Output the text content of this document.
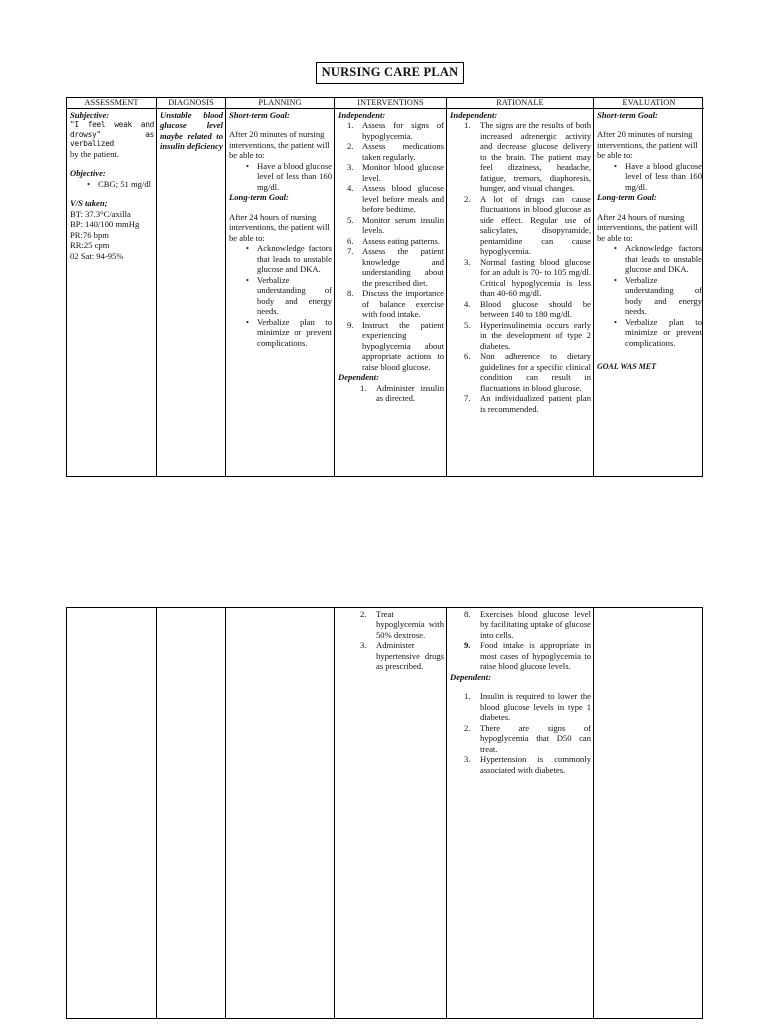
NURSING CARE PLAN
ASSESSMENT

Subjective:

"I feel weak and drowsy" as verbalized

by the patient.

Objective:

• CBG; 51 mg/dl

V/S taken;

BT: 37.3°C/axilla

BP: 140/100 mmHg

PR:76 bpm

RR:25 cpm

02 Sat: 94-95%

DIAGNOSIS

Unstable blood glucose level maybe related to insulin deficiency

PLANNING

Short-term Goal:

After 20 minutes of nursing interventions, the patient will be able to:

• Have a blood glucose level of less than 160 mg/dl.

Long-term Goal:

After 24 hours of nursing interventions, the patient will be able to:

• Acknowledge factors that leads to unstable glucose and DKA.
• Verbalize understanding of body and energy needs.
• Verbalize plan to minimize or prevent complications.
INTERVENTIONS

Independent:

1. Assess for signs of hypoglycemia.
2. Assess medications taken regularly.
3. Monitor blood glucose level.
4. Assess blood glucose level before meals and before bedtime.
5. Monitor serum insulin levels.
6. Assess eating patterns.
7. Assess the patient knowledge and understanding about the prescribed diet.
8. Discuss the importance of balance exercise with food intake.
9. Instruct the patient experiencing hypoglycemia about appropriate actions to raise blood glucose.

Dependent:

1. Administer insulin as directed.
RATIONALE

Independent:

1. The signs are the results of both increased adrenergic activity and decrease glucose delivery to the brain. The patient may feel dizziness, headache, fatigue, tremors, diaphoresis, hunger, and visual changes.
2. A lot of drugs can cause fluctuations in blood glucose as side effect. Regular use of salicylates, disopyramide, pentamidine can cause hypoglycemia.
3. Normal fasting blood glucose for an adult is 70- to 105 mg/dl. Critical hypoglycemia is less than 40-60 mg/dl.
4. Blood glucose should be between 140 to 180 mg/dl.
5. Hyperinsulinemia occurs early in the development of type 2 diabetes.
6. Non adherence to dietary guidelines for a specific clinical condition can result in fluctuations in blood glucose.
7. An individualized patient plan is recommended.
EVALUATION

Short-term Goal:

After 20 minutes of nursing interventions, the patient will be able to:

• Have a blood glucose level of less than 160 mg/dl.

Long-term Goal:

After 24 hours of nursing interventions, the patient will be able to:

• Acknowledge factors that leads to unstable glucose and DKA.
• Verbalize understanding of body and energy needs.
• Verbalize plan to minimize or prevent complications.

GOAL WAS MET

2. Treat hypoglycemia with 50% dextrose.
3. Administer hypertensive drugs as prescribed.
8. Exercises blood glucose level by facilitating uptake of glucose into cells.
9. Food intake is appropriate in most cases of hypoglycemia to raise blood glucose levels.

Dependent:

1. Insulin is required to lower the blood glucose levels in type 1 diabetes.
2. There are signs of hypoglycemia that D50 can treat.
3. Hypertension is commonly associated with diabetes.
